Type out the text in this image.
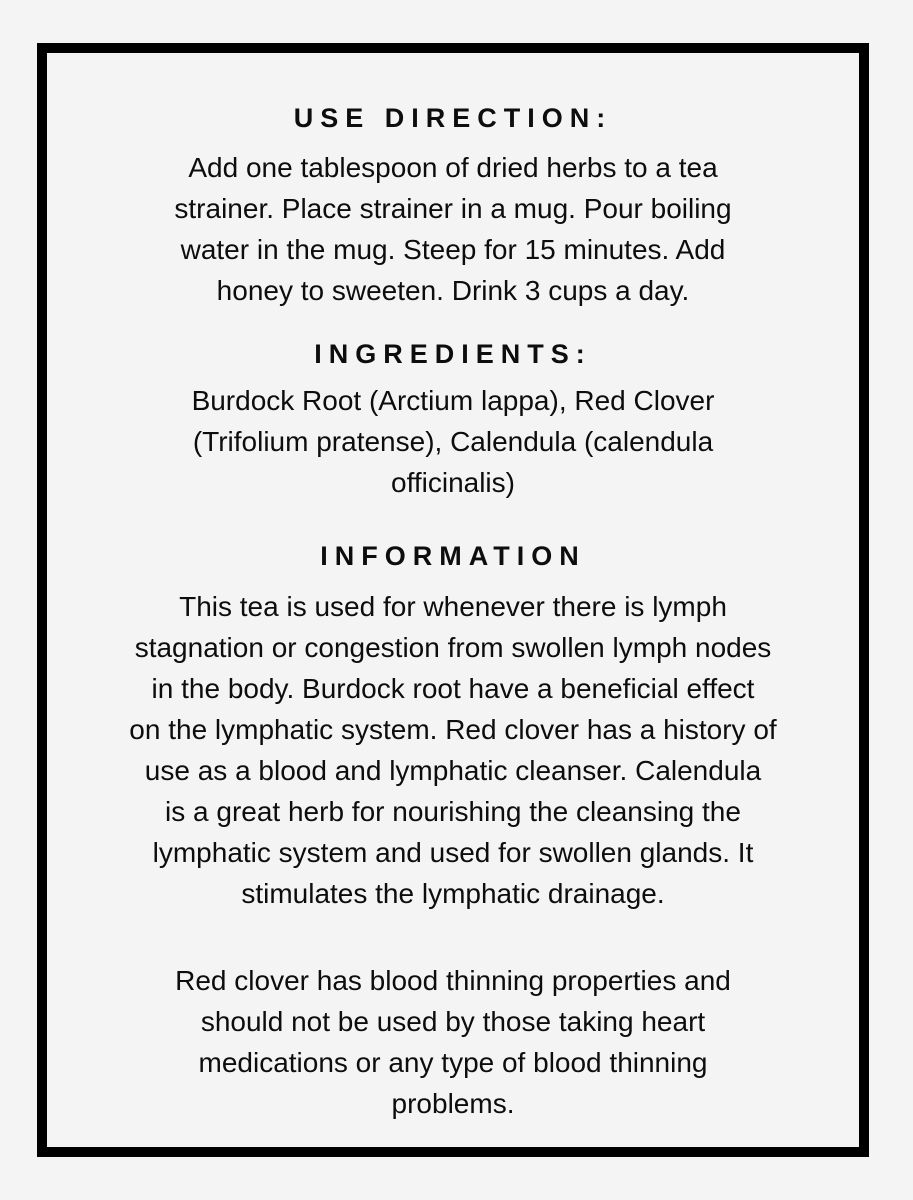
USE DIRECTION:
Add one tablespoon of dried herbs to a tea
strainer. Place strainer in a mug. Pour boiling
water in the mug. Steep for 15 minutes. Add
honey to sweeten. Drink 3 cups a day.
INGREDIENTS:
Burdock Root (Arctium lappa), Red Clover
(Trifolium pratense), Calendula (calendula
officinalis)
INFORMATION
This tea is used for whenever there is lymph
stagnation or congestion from swollen lymph nodes
in the body. Burdock root have a beneficial effect
on the lymphatic system. Red clover has a history of
use as a blood and lymphatic cleanser. Calendula
is a great herb for nourishing the cleansing the
lymphatic system and used for swollen glands. It
stimulates the lymphatic drainage.
Red clover has blood thinning properties and
should not be used by those taking heart
medications or any type of blood thinning
problems.
